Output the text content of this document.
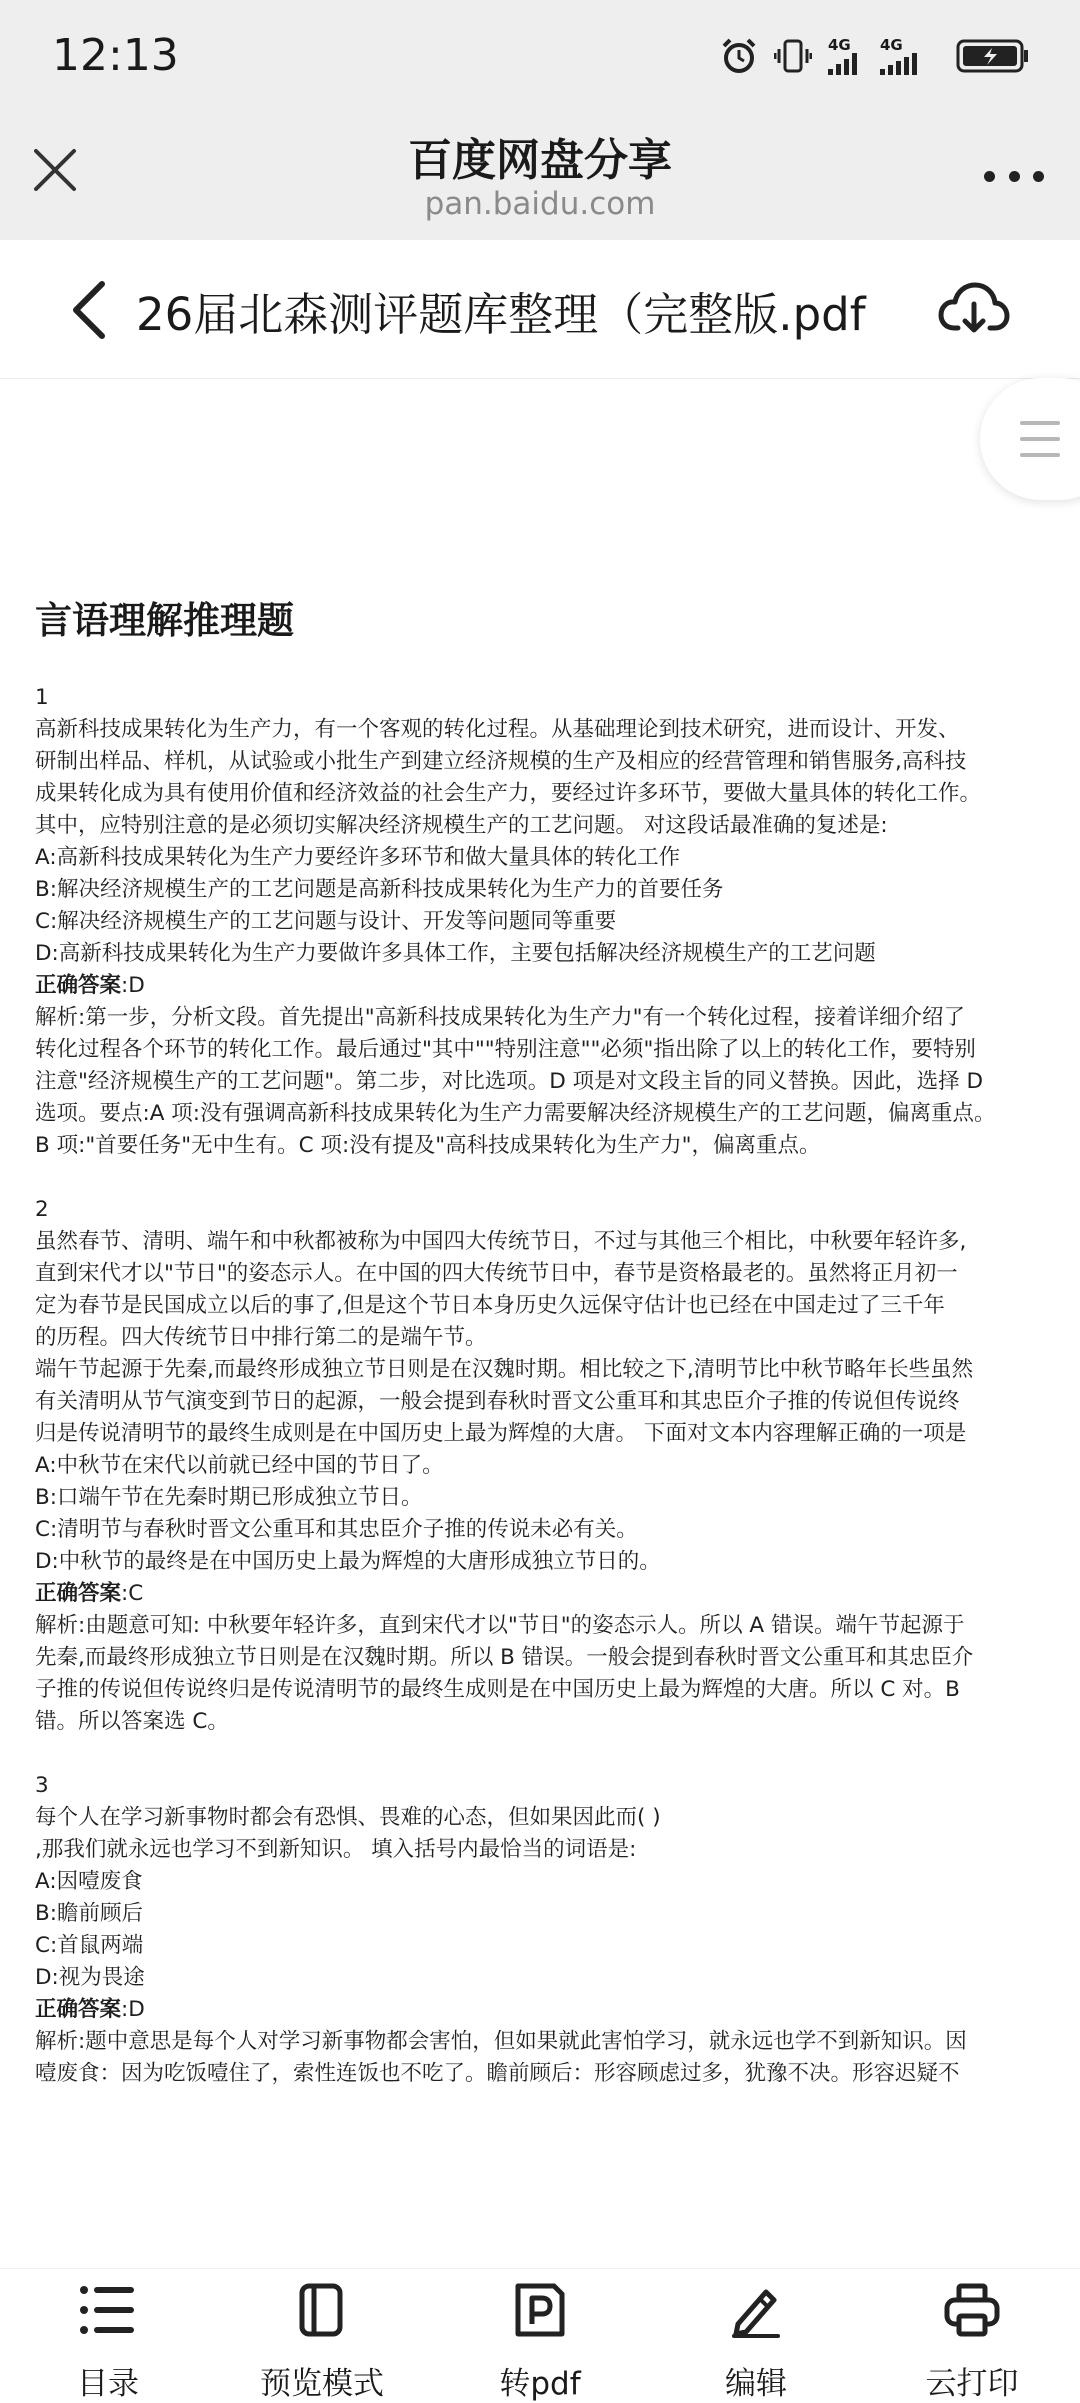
12:13	4G 4G
百度网盘分享
pan.baidu.com
26届北森测评题库整理（完整版.pdf
言语理解推理题

1

高新科技成果转化为生产力，有一个客观的转化过程。从基础理论到技术研究，进而设计、开发、

研制出样品、样机，从试验或小批生产到建立经济规模的生产及相应的经营管理和销售服务,高科技

成果转化成为具有使用价值和经济效益的社会生产力，要经过许多环节，要做大量具体的转化工作。

其中，应特别注意的是必须切实解决经济规模生产的工艺问题。 对这段话最准确的复述是:

A:高新科技成果转化为生产力要经许多环节和做大量具体的转化工作

B:解决经济规模生产的工艺问题是高新科技成果转化为生产力的首要任务

C:解决经济规模生产的工艺问题与设计、开发等问题同等重要

D:高新科技成果转化为生产力要做许多具体工作，主要包括解决经济规模生产的工艺问题

正确答案:D

解析:第一步，分析文段。首先提出"高新科技成果转化为生产力"有一个转化过程，接着详细介绍了

转化过程各个环节的转化工作。最后通过"其中""特别注意""必须"指出除了以上的转化工作，要特别

注意"经济规模生产的工艺问题"。第二步，对比选项。D 项是对文段主旨的同义替换。因此，选择 D

选项。要点:A 项:没有强调高新科技成果转化为生产力需要解决经济规模生产的工艺问题，偏离重点。

B 项:"首要任务"无中生有。C 项:没有提及"高科技成果转化为生产力"，偏离重点。

2

虽然春节、清明、端午和中秋都被称为中国四大传统节日，不过与其他三个相比，中秋要年轻许多,

直到宋代才以"节日"的姿态示人。在中国的四大传统节日中，春节是资格最老的。虽然将正月初一

定为春节是民国成立以后的事了,但是这个节日本身历史久远保守估计也已经在中国走过了三千年

的历程。四大传统节日中排行第二的是端午节。

端午节起源于先秦,而最终形成独立节日则是在汉魏时期。相比较之下,清明节比中秋节略年长些虽然

有关清明从节气演变到节日的起源，一般会提到春秋时晋文公重耳和其忠臣介子推的传说但传说终

归是传说清明节的最终生成则是在中国历史上最为辉煌的大唐。 下面对文本内容理解正确的一项是

A:中秋节在宋代以前就已经中国的节日了。

B:口端午节在先秦时期已形成独立节日。

C:清明节与春秋时晋文公重耳和其忠臣介子推的传说未必有关。

D:中秋节的最终是在中国历史上最为辉煌的大唐形成独立节日的。

正确答案:C

解析:由题意可知: 中秋要年轻许多，直到宋代才以"节日"的姿态示人。所以 A 错误。端午节起源于

先秦,而最终形成独立节日则是在汉魏时期。所以 B 错误。一般会提到春秋时晋文公重耳和其忠臣介

子推的传说但传说终归是传说清明节的最终生成则是在中国历史上最为辉煌的大唐。所以 C 对。B

错。所以答案选 C。

3

每个人在学习新事物时都会有恐惧、畏难的心态，但如果因此而( )

,那我们就永远也学习不到新知识。 填入括号内最恰当的词语是:

A:因噎废食

B:瞻前顾后

C:首鼠两端

D:视为畏途

正确答案:D

解析:题中意思是每个人对学习新事物都会害怕，但如果就此害怕学习，就永远也学不到新知识。因

噎废食：因为吃饭噎住了，索性连饭也不吃了。瞻前顾后：形容顾虑过多，犹豫不决。形容迟疑不

目录	预览模式	转pdf	编辑	云打印
